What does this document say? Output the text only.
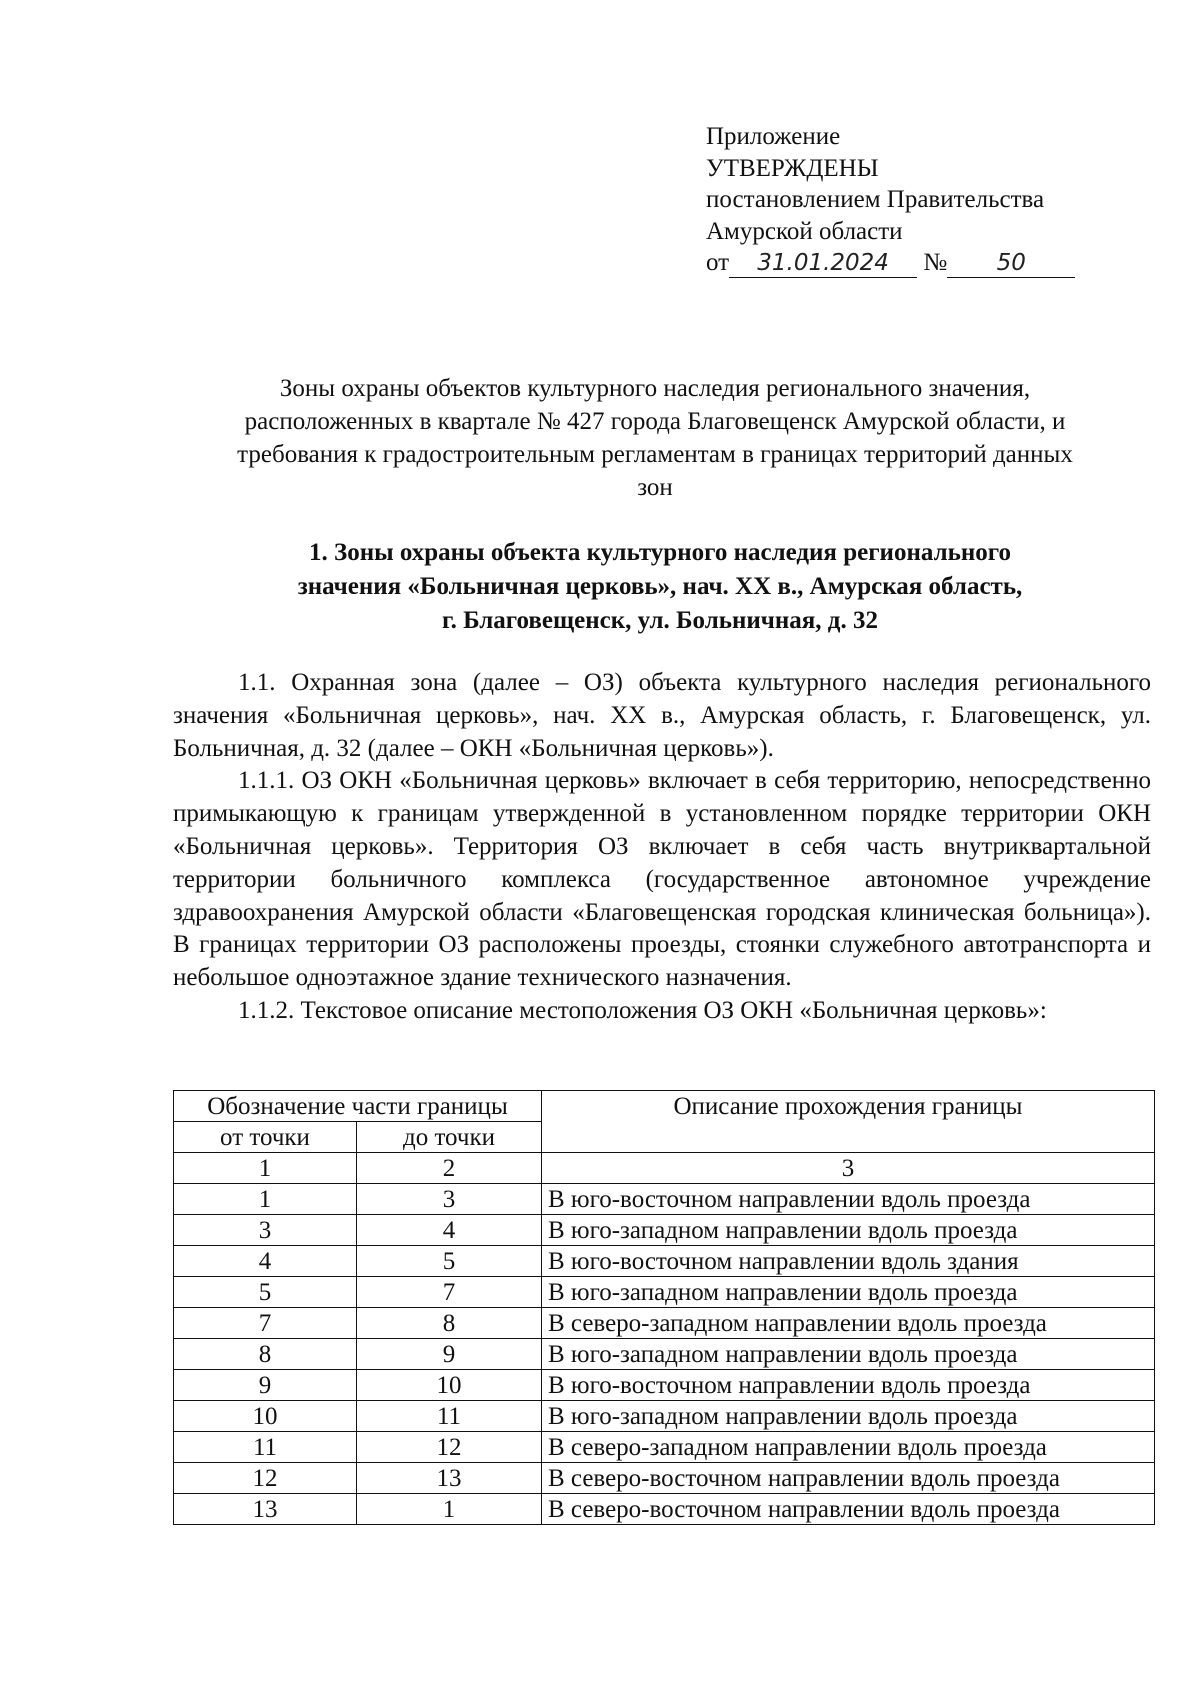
Приложение
УТВЕРЖДЕНЫ
постановлением Правительства
Амурской области
от 31.01.2024 № 50
Зоны охраны объектов культурного наследия регионального значения,
расположенных в квартале № 427 города Благовещенск Амурской области, и
требования к градостроительным регламентам в границах территорий данных
зон
1. Зоны охраны объекта культурного наследия регионального
значения «Больничная церковь», нач. XX в., Амурская область,
г. Благовещенск, ул. Больничная, д. 32

1.1. Охранная зона (далее – ОЗ) объекта культурного наследия регионального значения «Больничная церковь», нач. XX в., Амурская область, г. Благовещенск, ул. Больничная, д. 32 (далее – ОКН «Больничная церковь»).

1.1.1. ОЗ ОКН «Больничная церковь» включает в себя территорию, непосредственно примыкающую к границам утвержденной в установленном порядке территории ОКН «Больничная церковь». Территория ОЗ включает в себя часть внутриквартальной территории больничного комплекса (государственное автономное учреждение здравоохранения Амурской области «Благовещенская городская клиническая больница»). В границах территории ОЗ расположены проезды, стоянки служебного автотранспорта и небольшое одноэтажное здание технического назначения.

1.1.2. Текстовое описание местоположения ОЗ ОКН «Больничная церковь»:

Обозначение части границы		Описание прохождения границы
от точки	до точки	
1	2	3
1	3	В юго-восточном направлении вдоль проезда
3	4	В юго-западном направлении вдоль проезда
4	5	В юго-восточном направлении вдоль здания
5	7	В юго-западном направлении вдоль проезда
7	8	В северо-западном направлении вдоль проезда
8	9	В юго-западном направлении вдоль проезда
9	10	В юго-восточном направлении вдоль проезда
10	11	В юго-западном направлении вдоль проезда
11	12	В северо-западном направлении вдоль проезда
12	13	В северо-восточном направлении вдоль проезда
13	1	В северо-восточном направлении вдоль проезда
